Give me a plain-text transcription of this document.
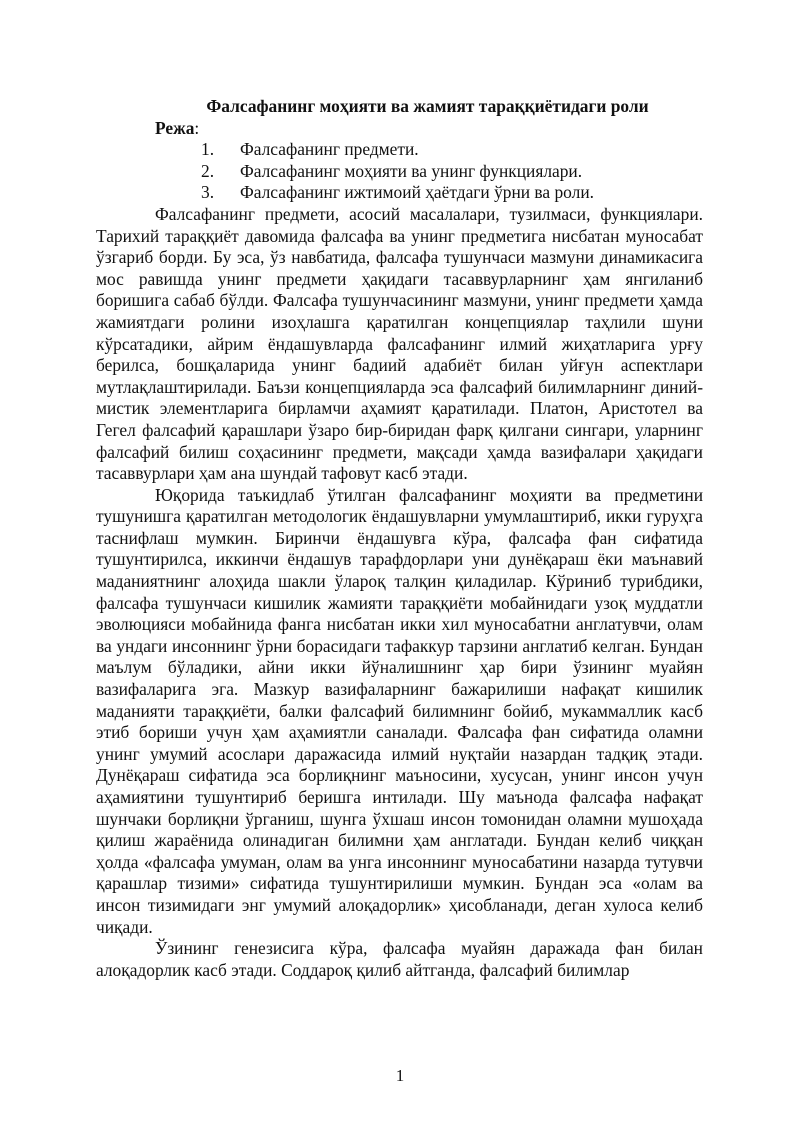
Фалсафанинг моҳияти ва жамият тараққиётидаги роли
Режа:
1. Фалсафанинг предмети.
2. Фалсафанинг моҳияти ва унинг функциялари.
3. Фалсафанинг ижтимоий ҳаётдаги ўрни ва роли.

Фалсафанинг предмети, асосий масалалари, тузилмаси, функциялари. Тарихий тараққиёт давомида фалсафа ва унинг предметига нисбатан муносабат ўзгариб борди. Бу эса, ўз навбатида, фалсафа тушунчаси мазмуни динамикасига мос равишда унинг предмети ҳақидаги тасаввурларнинг ҳам янгиланиб боришига сабаб бўлди. Фалсафа тушунчасининг мазмуни, унинг предмети ҳамда жамиятдаги ролини изоҳлашга қаратилган концепциялар таҳлили шуни кўрсатадики, айрим ёндашувларда фалсафанинг илмий жиҳатларига урғу берилса, бошқаларида унинг бадиий адабиёт билан уйғун аспектлари мутлақлаштирилади. Баъзи концепцияларда эса фалсафий билимларнинг диний-мистик элементларига бирламчи аҳамият қаратилади. Платон, Аристотел ва Гегел фалсафий қарашлари ўзаро бир-биридан фарқ қилгани сингари, уларнинг фалсафий билиш соҳасининг предмети, мақсади ҳамда вазифалари ҳақидаги тасаввурлари ҳам ана шундай тафовут касб этади.

Юқорида таъкидлаб ўтилган фалсафанинг моҳияти ва предметини тушунишга қаратилган методологик ёндашувларни умумлаштириб, икки гуруҳга таснифлаш мумкин. Биринчи ёндашувга кўра, фалсафа фан сифатида тушунтирилса, иккинчи ёндашув тарафдорлари уни дунёқараш ёки маънавий маданиятнинг алоҳида шакли ўлароқ талқин қиладилар. Кўриниб турибдики, фалсафа тушунчаси кишилик жамияти тараққиёти мобайнидаги узоқ муддатли эволюцияси мобайнида фанга нисбатан икки хил муносабатни англатувчи, олам ва ундаги инсоннинг ўрни борасидаги тафаккур тарзини англатиб келган. Бундан маълум бўладики, айни икки йўналишнинг ҳар бири ўзининг муайян вазифаларига эга. Мазкур вазифаларнинг бажарилиши нафақат кишилик маданияти тараққиёти, балки фалсафий билимнинг бойиб, мукаммаллик касб этиб бориши учун ҳам аҳамиятли саналади. Фалсафа фан сифатида оламни унинг умумий асослари даражасида илмий нуқтайи назардан тадқиқ этади. Дунёқараш сифатида эса борлиқнинг маъносини, хусусан, унинг инсон учун аҳамиятини тушунтириб беришга интилади. Шу маънода фалсафа нафақат шунчаки борлиқни ўрганиш, шунга ўхшаш инсон томонидан оламни мушоҳада қилиш жараёнида олинадиган билимни ҳам англатади. Бундан келиб чиққан ҳолда «фалсафа умуман, олам ва унга инсоннинг муносабатини назарда тутувчи қарашлар тизими» сифатида тушунтирилиши мумкин. Бундан эса «олам ва инсон тизимидаги энг умумий алоқадорлик» ҳисобланади, деган хулоса келиб чиқади.

Ўзининг генезисига кўра, фалсафа муайян даражада фан билан алоқадорлик касб этади. Соддароқ қилиб айтганда, фалсафий билимлар

1
